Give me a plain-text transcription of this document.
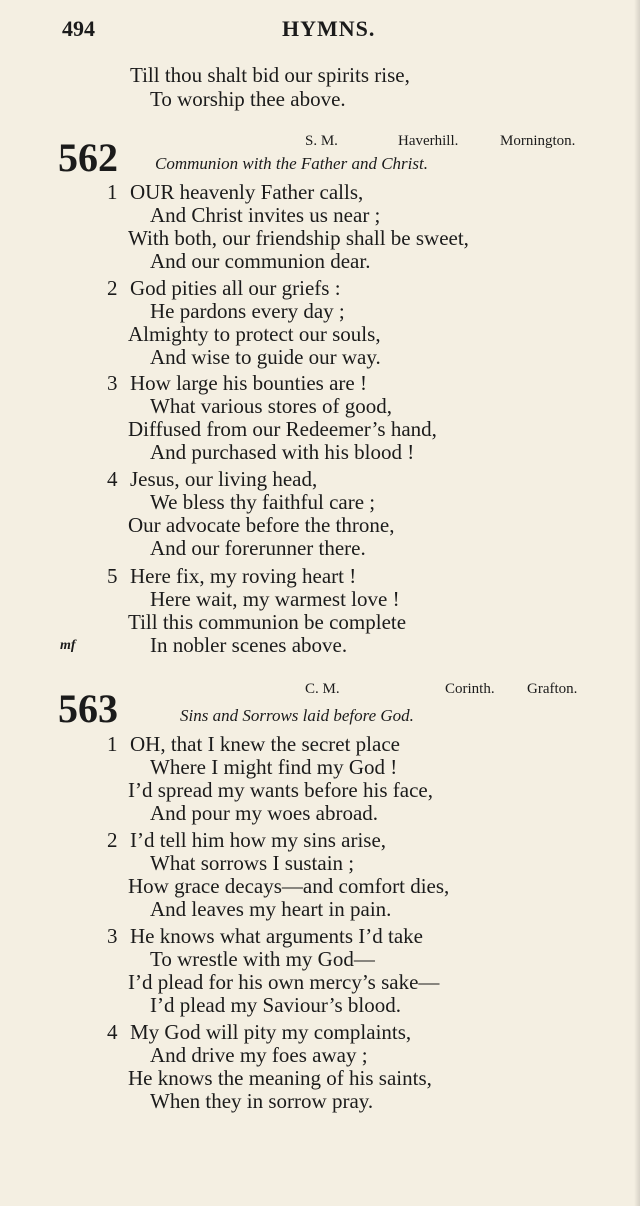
494	HYMNS.
Till thou shalt bid our spirits rise,
To worship thee above.
562	S. M.	Haverhill.	Mornington.
Communion with the Father and Christ.
1 OUR heavenly Father calls,
And Christ invites us near ;
With both, our friendship shall be sweet,
And our communion dear.
2 God pities all our griefs :
He pardons every day ;
Almighty to protect our souls,
And wise to guide our way.
3 How large his bounties are !
What various stores of good,
Diffused from our Redeemer’s hand,
And purchased with his blood !
4 Jesus, our living head,
We bless thy faithful care ;
Our advocate before the throne,
And our forerunner there.
5 Here fix, my roving heart !
Here wait, my warmest love !
Till this communion be complete
mf	In nobler scenes above.
563	C. M.	Corinth. Grafton.
Sins and Sorrows laid before God.
1 OH, that I knew the secret place
Where I might find my God !
I’d spread my wants before his face,
And pour my woes abroad.
2 I’d tell him how my sins arise,
What sorrows I sustain ;
How grace decays—and comfort dies,
And leaves my heart in pain.
3 He knows what arguments I’d take
To wrestle with my God—
I’d plead for his own mercy’s sake—
I’d plead my Saviour’s blood.
4 My God will pity my complaints,
And drive my foes away ;
He knows the meaning of his saints,
When they in sorrow pray.
